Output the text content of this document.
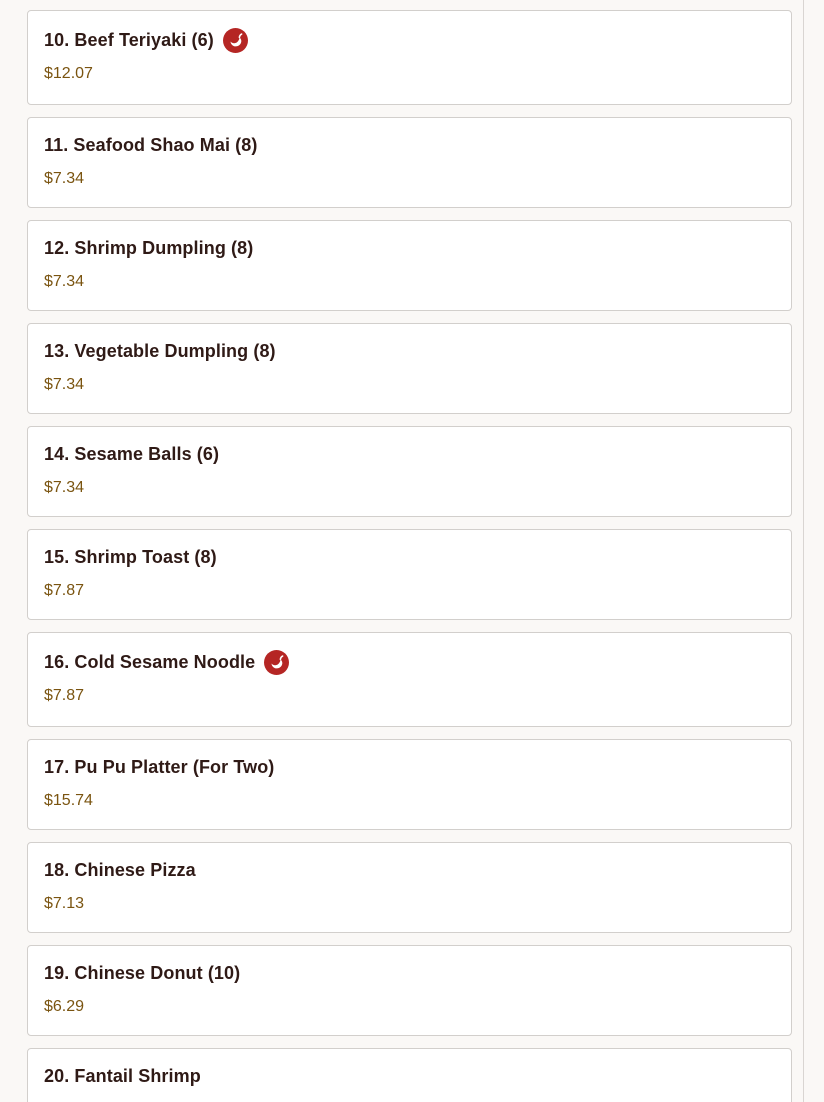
10. Beef Teriyaki (6)
$12.07
11. Seafood Shao Mai (8)
$7.34
12. Shrimp Dumpling (8)
$7.34
13. Vegetable Dumpling (8)
$7.34
14. Sesame Balls (6)
$7.34
15. Shrimp Toast (8)
$7.87
16. Cold Sesame Noodle
$7.87
17. Pu Pu Platter (For Two)
$15.74
18. Chinese Pizza
$7.13
19. Chinese Donut (10)
$6.29
20. Fantail Shrimp
